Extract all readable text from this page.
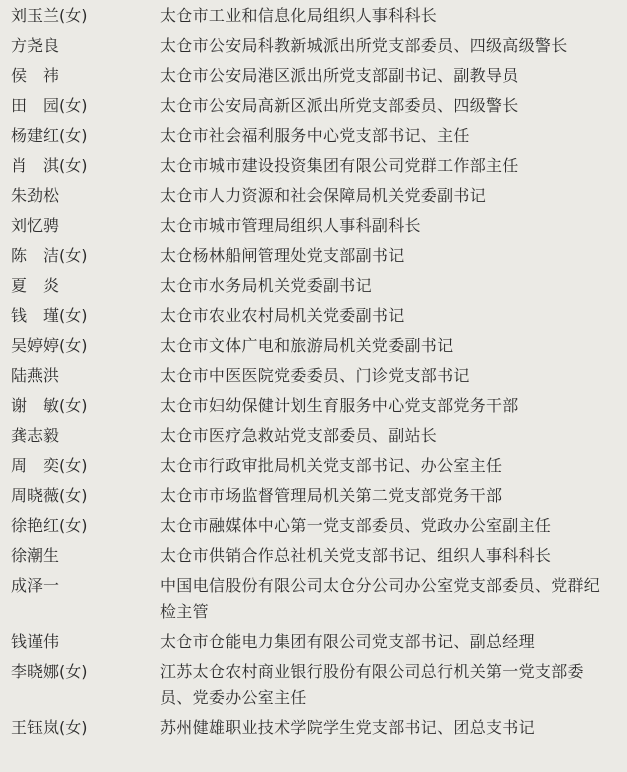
刘玉兰(女)	太仓市工业和信息化局组织人事科科长
方尧良	太仓市公安局科教新城派出所党支部委员、四级高级警长
侯　祎	太仓市公安局港区派出所党支部副书记、副教导员
田　园(女)	太仓市公安局高新区派出所党支部委员、四级警长
杨建红(女)	太仓市社会福利服务中心党支部书记、主任
肖　淇(女)	太仓市城市建设投资集团有限公司党群工作部主任
朱劲松	太仓市人力资源和社会保障局机关党委副书记
刘忆骋	太仓市城市管理局组织人事科副科长
陈　洁(女)	太仓杨林船闸管理处党支部副书记
夏　炎	太仓市水务局机关党委副书记
钱　瑾(女)	太仓市农业农村局机关党委副书记
吴婷婷(女)	太仓市文体广电和旅游局机关党委副书记
陆燕洪	太仓市中医医院党委委员、门诊党支部书记
谢　敏(女)	太仓市妇幼保健计划生育服务中心党支部党务干部
龚志毅	太仓市医疗急救站党支部委员、副站长
周　奕(女)	太仓市行政审批局机关党支部书记、办公室主任
周晓薇(女)	太仓市市场监督管理局机关第二党支部党务干部
徐艳红(女)	太仓市融媒体中心第一党支部委员、党政办公室副主任
徐潮生	太仓市供销合作总社机关党支部书记、组织人事科科长
成泽一	中国电信股份有限公司太仓分公司办公室党支部委员、党群纪检主管
钱谨伟	太仓市仓能电力集团有限公司党支部书记、副总经理
李晓娜(女)	江苏太仓农村商业银行股份有限公司总行机关第一党支部委员、党委办公室主任
王钰岚(女)	苏州健雄职业技术学院学生党支部书记、团总支书记
